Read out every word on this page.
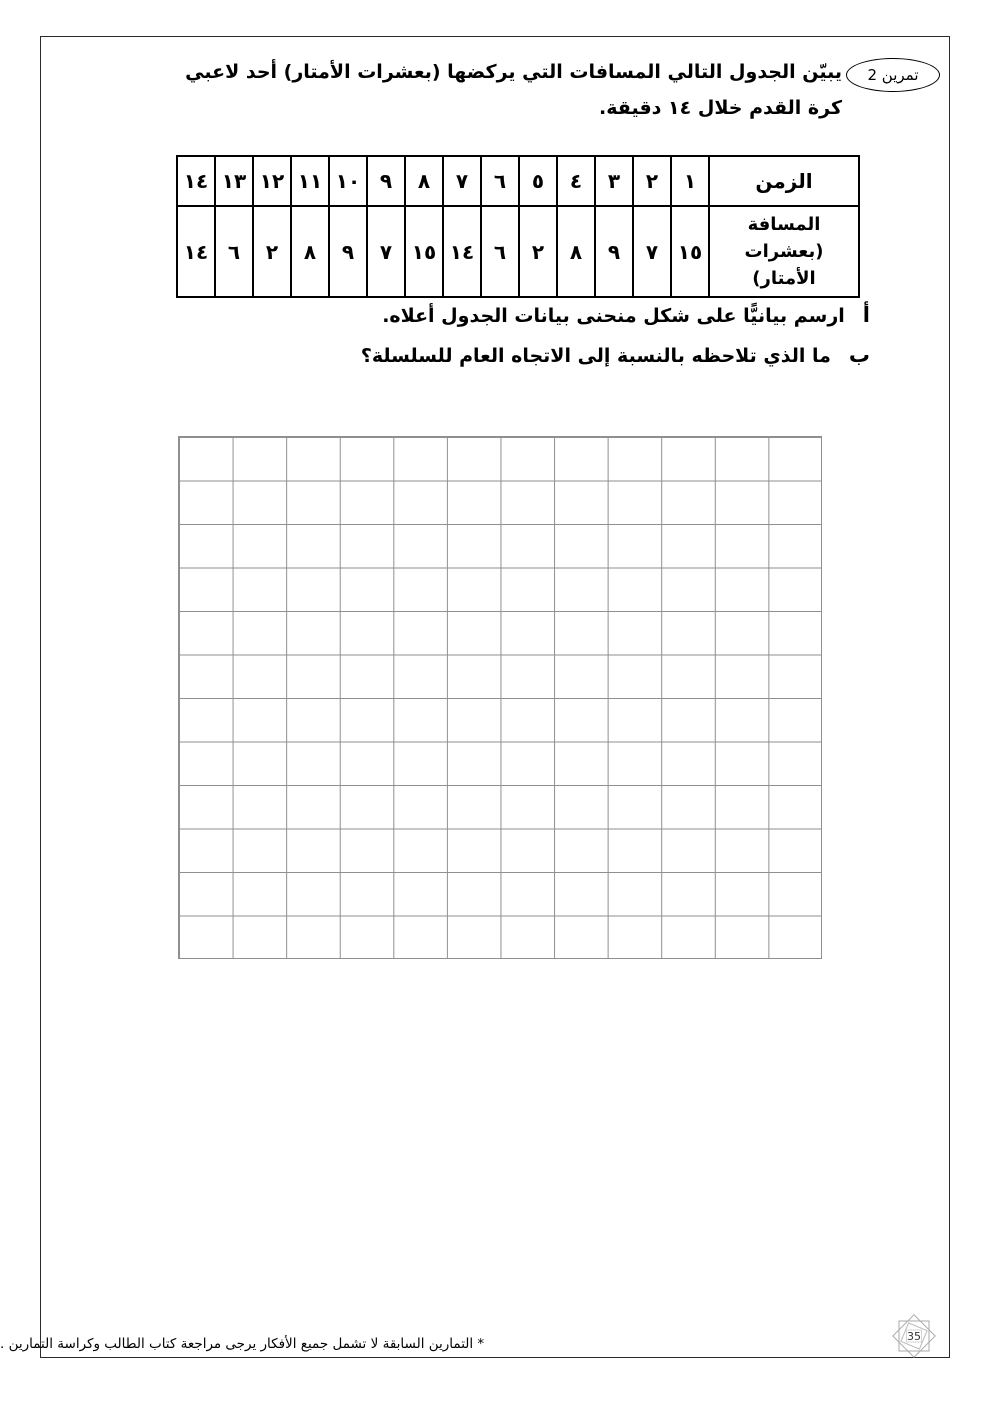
تمرين 2
يبيّن الجدول التالي المسافات التي يركضها (بعشرات الأمتار) أحد لاعبي كرة القدم خلال ١٤ دقيقة.
الزمن	١	٢	٣	٤	٥	٦	٧	٨	٩	١٠	١١	١٢	١٣	١٤

المسافة
(بعشرات الأمتار)	١٥	٧	٩	٨	٢	٦	١٤	١٥	٧	٩	٨	٢	٦	١٤
أارسم بيانيًّا على شكل منحنى بيانات الجدول أعلاه.
بما الذي تلاحظه بالنسبة إلى الاتجاه العام للسلسلة؟
* التمارين السابقة لا تشمل جميع الأفكار يرجى مراجعة كتاب الطالب وكراسة التمارين .	35
